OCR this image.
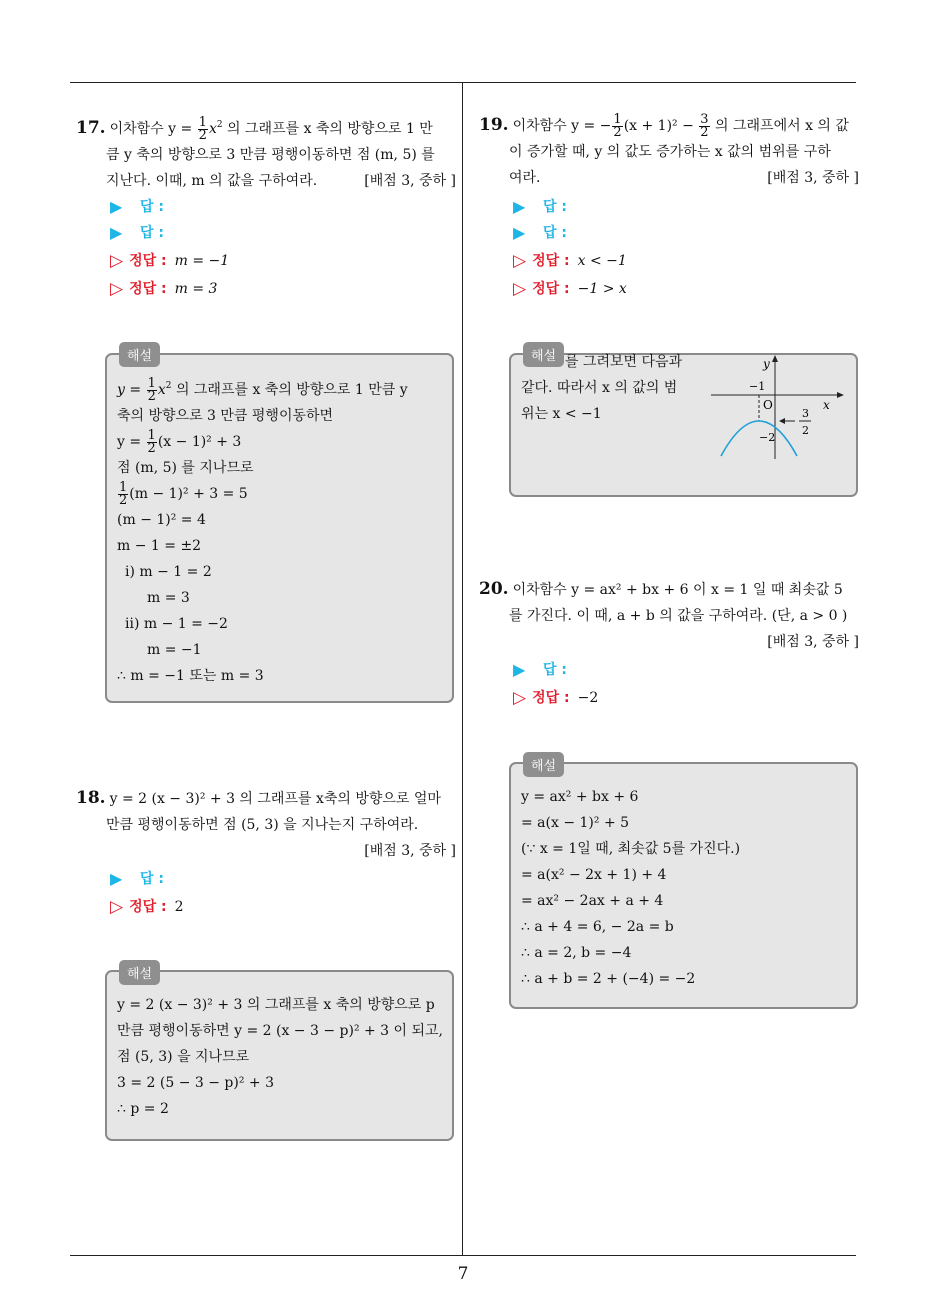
17. 이차함수 $y = \frac{1}{2} x^2$ 의 그래프를 x 축의 방향으로 1 만
큼 y 축의 방향으로 3 만큼 평행이동하면 점 (m, 5) 를
지난다. 이때, m 의 값을 구하여라.	[배점 3, 중하 ]
▶ 답 :
▶ 답 :
▷ 정답 : m = −1
▷ 정답 : m = 3
$y = \frac{1}{2} x^2$ 의 그래프를 x 축의 방향으로 1 만큼 y
축의 방향으로 3 만큼 평행이동하면
$y = \frac{1}{2} (x - 1)^2 + 3$
점 (m, 5) 를 지나므로
$\frac{1}{2} (m - 1)^2 + 3 = 5$
(m − 1)² = 4
m − 1 = ±2
ⅰ) m − 1 = 2
m = 3
ⅱ) m − 1 = −2
m = −1
∴ m = −1 또는 m = 3
해설
18. y = 2 (x − 3)² + 3 의 그래프를 x축의 방향으로 얼마
만큼 평행이동하면 점 (5, 3) 을 지나는지 구하여라.
[배점 3, 중하 ]
▶ 답 :
▷ 정답 : 2
y = 2 (x − 3)² + 3 의 그래프를 x 축의 방향으로 p
만큼 평행이동하면 y = 2 (x − 3 − p)² + 3 이 되고,
점 (5, 3) 을 지나므로
3 = 2 (5 − 3 − p)² + 3
∴ p = 2
해설
19. 이차함수 y = − $\frac{1}{2} (x + 1)^2 - \frac{3}{2}$ 의 그래프에서 x 의 값
이 증가할 때, y 의 값도 증가하는 x 값의 범위를 구하
여라.	[배점 3, 중하 ]
▶ 답 :
▶ 답 :
▷ 정답 : x < −1
▷ 정답 : −1 > x
를 그려보면 다음과
같다. 따라서 x 의 값의 범
위는 x < −1
y
x
O
−1
−2
3
2
해설
20. 이차함수 y = ax² + bx + 6 이 x = 1 일 때 최솟값 5
를 가진다. 이 때, a + b 의 값을 구하여라. (단, a > 0 )
[배점 3, 중하 ]
▶ 답 :
▷ 정답 : −2
y = ax² + bx + 6
= a(x − 1)² + 5
(∵ x = 1일 때, 최솟값 5를 가진다.)
= a(x² − 2x + 1) + 4
= ax² − 2ax + a + 4
∴ a + 4 = 6, − 2a = b
∴ a = 2, b = −4
∴ a + b = 2 + (−4) = −2
해설
7
